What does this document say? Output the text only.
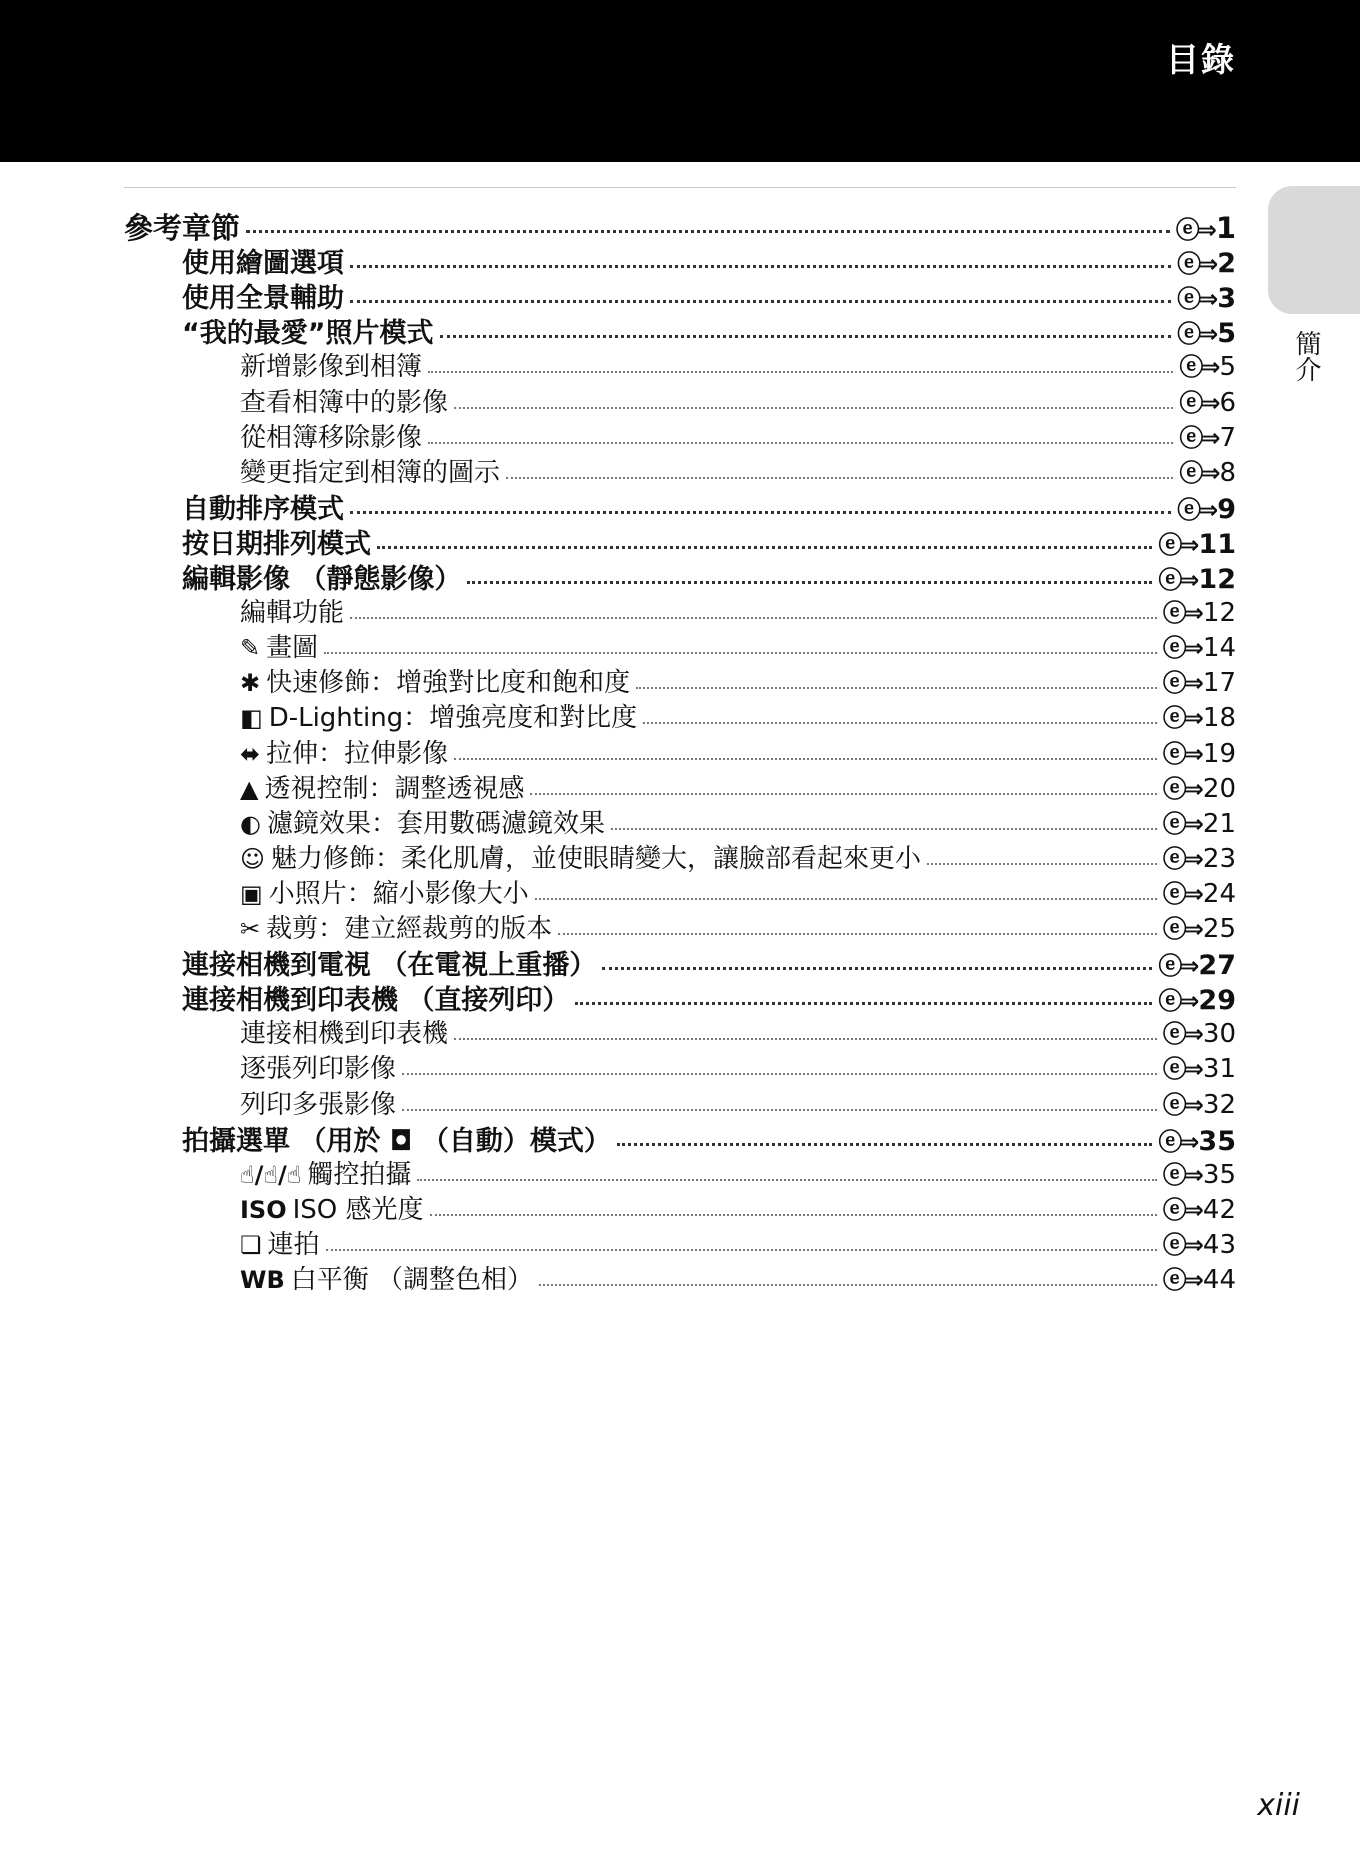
目錄
簡介
參考章節	ⓔ⇒ 1
使用繪圖選項	ⓔ⇒ 2
使用全景輔助	ⓔ⇒ 3
“我的最愛”照片模式	ⓔ⇒ 5
新增影像到相簿	ⓔ⇒ 5
查看相簿中的影像	ⓔ⇒ 6
從相簿移除影像	ⓔ⇒ 7
變更指定到相簿的圖示	ⓔ⇒ 8
自動排序模式	ⓔ⇒ 9
按日期排列模式	ⓔ⇒ 11
編輯影像 （靜態影像）	ⓔ⇒ 12
編輯功能	ⓔ⇒ 12
✎ 畫圖	ⓔ⇒ 14
✱ 快速修飾：增強對比度和飽和度	ⓔ⇒ 17
◧ D-Lighting：增強亮度和對比度	ⓔ⇒ 18
⬌ 拉伸：拉伸影像	ⓔ⇒ 19
▲ 透視控制：調整透視感	ⓔ⇒ 20
◐ 濾鏡效果：套用數碼濾鏡效果	ⓔ⇒ 21
☺ 魅力修飾：柔化肌膚，並使眼睛變大，讓臉部看起來更小	ⓔ⇒ 23
▣ 小照片：縮小影像大小	ⓔ⇒ 24
✂ 裁剪：建立經裁剪的版本	ⓔ⇒ 25
連接相機到電視 （在電視上重播）	ⓔ⇒ 27
連接相機到印表機 （直接列印）	ⓔ⇒ 29
連接相機到印表機	ⓔ⇒ 30
逐張列印影像	ⓔ⇒ 31
列印多張影像	ⓔ⇒ 32
拍攝選單 （用於 ◘ （自動）模式）	ⓔ⇒ 35
☝/☝/☝ 觸控拍攝	ⓔ⇒ 35
ISO ISO 感光度	ⓔ⇒ 42
❏ 連拍	ⓔ⇒ 43
WB 白平衡 （調整色相）	ⓔ⇒ 44
xiii
